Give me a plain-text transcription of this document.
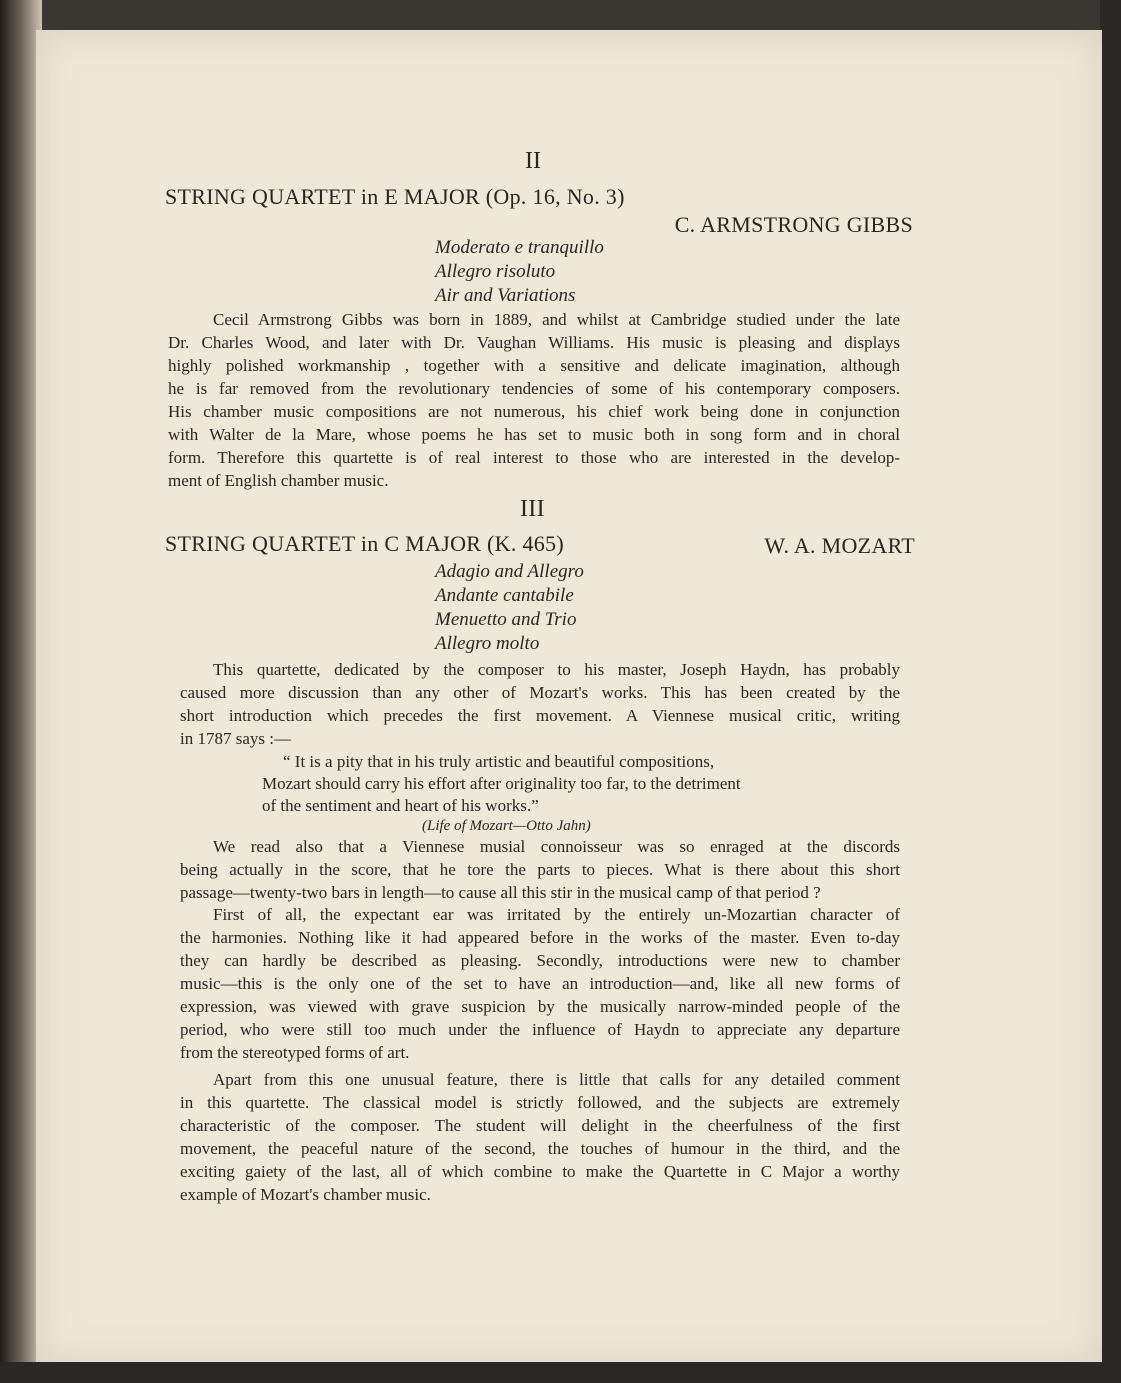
II
STRING QUARTET in E MAJOR (Op. 16, No. 3)
C. ARMSTRONG GIBBS
III
STRING QUARTET in C MAJOR (K. 465)	W. A. MOZART
(Life of Mozart—Otto Jahn)
Moderato e tranquillo
Allegro risoluto
Air and Variations
Cecil Armstrong Gibbs was born in 1889, and whilst at Cambridge studied under the late
Dr. Charles Wood, and later with Dr. Vaughan Williams. His music is pleasing and displays
highly polished workmanship , together with a sensitive and delicate imagination, although
he is far removed from the revolutionary tendencies of some of his contemporary composers.
His chamber music compositions are not numerous, his chief work being done in conjunction
with Walter de la Mare, whose poems he has set to music both in song form and in choral
form. Therefore this quartette is of real interest to those who are interested in the develop-
ment of English chamber music.
Adagio and Allegro
Andante cantabile
Menuetto and Trio
Allegro molto
This quartette, dedicated by the composer to his master, Joseph Haydn, has probably
caused more discussion than any other of Mozart's works. This has been created by the
short introduction which precedes the first movement. A Viennese musical critic, writing
in 1787 says :—
“ It is a pity that in his truly artistic and beautiful compositions,
Mozart should carry his effort after originality too far, to the detriment
of the sentiment and heart of his works.”
We read also that a Viennese musial connoisseur was so enraged at the discords
being actually in the score, that he tore the parts to pieces. What is there about this short
passage—twenty-two bars in length—to cause all this stir in the musical camp of that period ?
First of all, the expectant ear was irritated by the entirely un-Mozartian character of
the harmonies. Nothing like it had appeared before in the works of the master. Even to-day
they can hardly be described as pleasing. Secondly, introductions were new to chamber
music—this is the only one of the set to have an introduction—and, like all new forms of
expression, was viewed with grave suspicion by the musically narrow-minded people of the
period, who were still too much under the influence of Haydn to appreciate any departure
from the stereotyped forms of art.
Apart from this one unusual feature, there is little that calls for any detailed comment
in this quartette. The classical model is strictly followed, and the subjects are extremely
characteristic of the composer. The student will delight in the cheerfulness of the first
movement, the peaceful nature of the second, the touches of humour in the third, and the
exciting gaiety of the last, all of which combine to make the Quartette in C Major a worthy
example of Mozart's chamber music.
